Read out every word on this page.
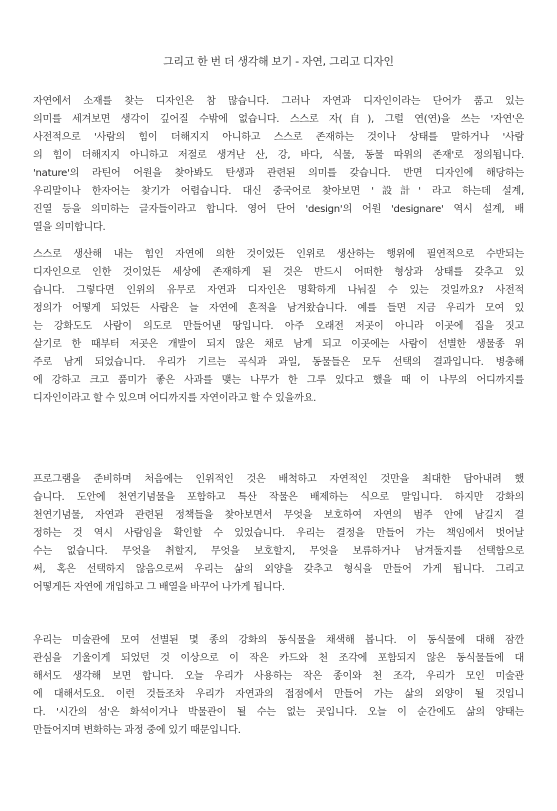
그리고 한 번 더 생각해 보기 - 자연, 그리고 디자인
자연에서 소재를 찾는 디자인은 참 많습니다. 그러나 자연과 디자인이라는 단어가 품고 있는
의미를 세겨보면 생각이 깊어질 수밖에 없습니다. 스스로 자(自), 그럴 연(연)을 쓰는 '자연'은
사전적으로 '사람의 힘이 더해지지 아니하고 스스로 존재하는 것이나 상태를 말하거나 '사람
의 힘이 더해지지 아니하고 저절로 생겨난 산, 강, 바다, 식물, 동물 따위의 존재'로 정의됩니다.
'nature'의 라틴어 어원을 찾아봐도 탄생과 관련된 의미를 갖습니다. 반면 디자인에 해당하는
우리말이나 한자어는 찾기가 어렵습니다. 대신 중국어로 찾아보면 '設計' 라고 하는데 설계,
진열 등을 의미하는 글자들이라고 합니다. 영어 단어 'design'의 어원 'designare' 역시 설계, 배
열을 의미합니다.
스스로 생산해 내는 힘인 자연에 의한 것이었든 인위로 생산하는 행위에 필연적으로 수반되는
디자인으로 인한 것이었든 세상에 존재하게 된 것은 반드시 어떠한 형상과 상태를 갖추고 있
습니다. 그렇다면 인위의 유무로 자연과 디자인은 명확하게 나눠질 수 있는 것일까요? 사전적
정의가 어떻게 되었든 사람은 늘 자연에 흔적을 남겨왔습니다. 예를 들면 지금 우리가 모여 있
는 강화도도 사람이 의도로 만들어낸 땅입니다. 아주 오래전 저곳이 아니라 이곳에 집을 짓고
살기로 한 때부터 저곳은 개발이 되지 않은 채로 남게 되고 이곳에는 사람이 선별한 생물종 위
주로 남게 되었습니다. 우리가 기르는 곡식과 과일, 동물들은 모두 선택의 결과입니다. 병충해
에 강하고 크고 품미가 좋은 사과를 맺는 나무가 한 그루 있다고 했을 때 이 나무의 어디까지를
디자인이라고 할 수 있으며 어디까지를 자연이라고 할 수 있을까요.
프로그램을 준비하며 처음에는 인위적인 것은 배척하고 자연적인 것만을 최대한 담아내려 했
습니다. 도안에 천연기념물을 포함하고 특산 작물은 배제하는 식으로 말입니다. 하지만 강화의
천연기념물, 자연과 관련된 정책들을 찾아보면서 무엇을 보호하여 자연의 범주 안에 남길지 결
정하는 것 역시 사람임을 확인할 수 있었습니다. 우리는 결정을 만들어 가는 책임에서 벗어날
수는 없습니다. 무엇을 취할지, 무엇을 보호할지, 무엇을 보류하거나 남겨둘지를 선택함으로
써, 혹은 선택하지 않음으로써 우리는 삶의 외양을 갖추고 형식을 만들어 가게 됩니다. 그리고
어떻게든 자연에 개입하고 그 배열을 바꾸어 나가게 됩니다.
우리는 미술관에 모여 선별된 몇 종의 강화의 동식물을 채색해 봅니다. 이 동식물에 대해 잠깐
관심을 기울이게 되었던 것 이상으로 이 작은 카드와 천 조각에 포함되지 않은 동식물들에 대
해서도 생각해 보면 합니다. 오늘 우리가 사용하는 작은 종이와 천 조각, 우리가 모인 미술관
에 대해서도요. 이런 것들조차 우리가 자연과의 접점에서 만들어 가는 삶의 외양이 될 것입니
다. '시간의 섬'은 화석이거나 박물관이 될 수는 없는 곳입니다. 오늘 이 순간에도 삶의 양태는
만들어지며 변화하는 과정 중에 있기 때문입니다.
